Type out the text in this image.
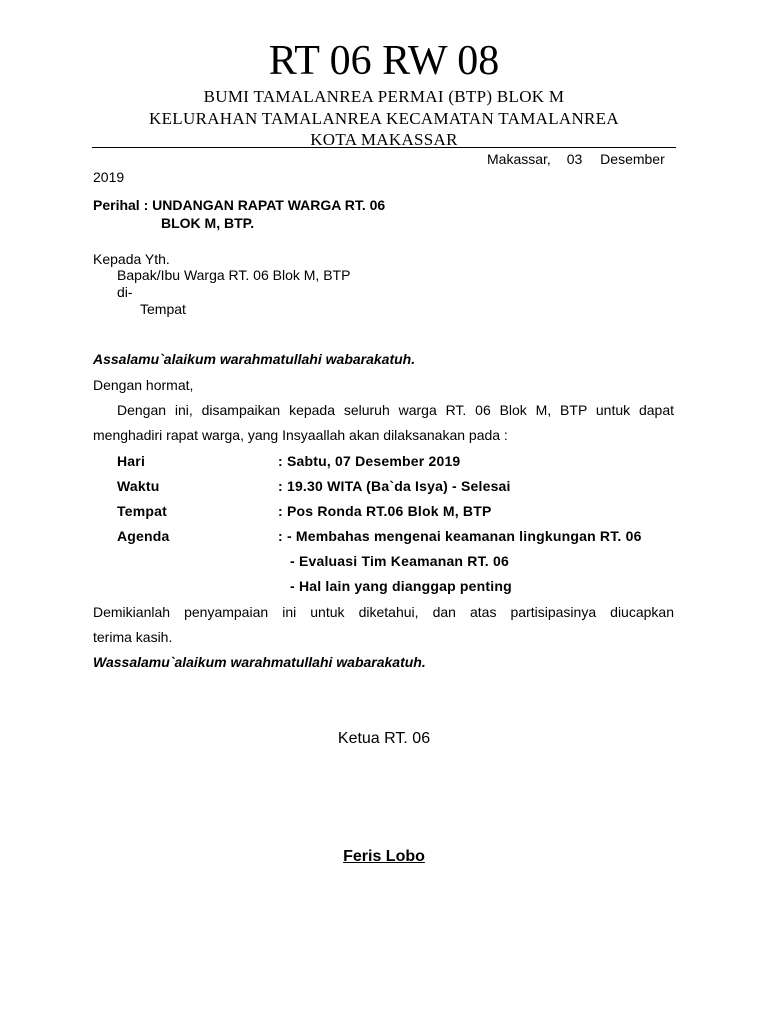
RT 06 RW 08
BUMI TAMALANREA PERMAI (BTP) BLOK M
KELURAHAN TAMALANREA KECAMATAN TAMALANREA
KOTA MAKASSAR
Makassar, 03 Desember
2019
Perihal : UNDANGAN RAPAT WARGA RT. 06
BLOK M, BTP.
Kepada Yth.
Bapak/Ibu Warga RT. 06 Blok M, BTP
di-
Tempat
Assalamu`alaikum warahmatullahi wabarakatuh.
Dengan hormat,
Dengan ini, disampaikan kepada seluruh warga RT. 06 Blok M, BTP untuk dapat
menghadiri rapat warga, yang Insyaallah akan dilaksanakan pada :
Hari	: Sabtu, 07 Desember 2019
Waktu	: 19.30 WITA (Ba`da Isya) - Selesai
Tempat	: Pos Ronda RT.06 Blok M, BTP
Agenda	: - Membahas mengenai keamanan lingkungan RT. 06
- Evaluasi Tim Keamanan RT. 06
- Hal lain yang dianggap penting
Demikianlah penyampaian ini untuk diketahui, dan atas partisipasinya diucapkan
terima kasih.
Wassalamu`alaikum warahmatullahi wabarakatuh.
Ketua RT. 06
Feris Lobo
